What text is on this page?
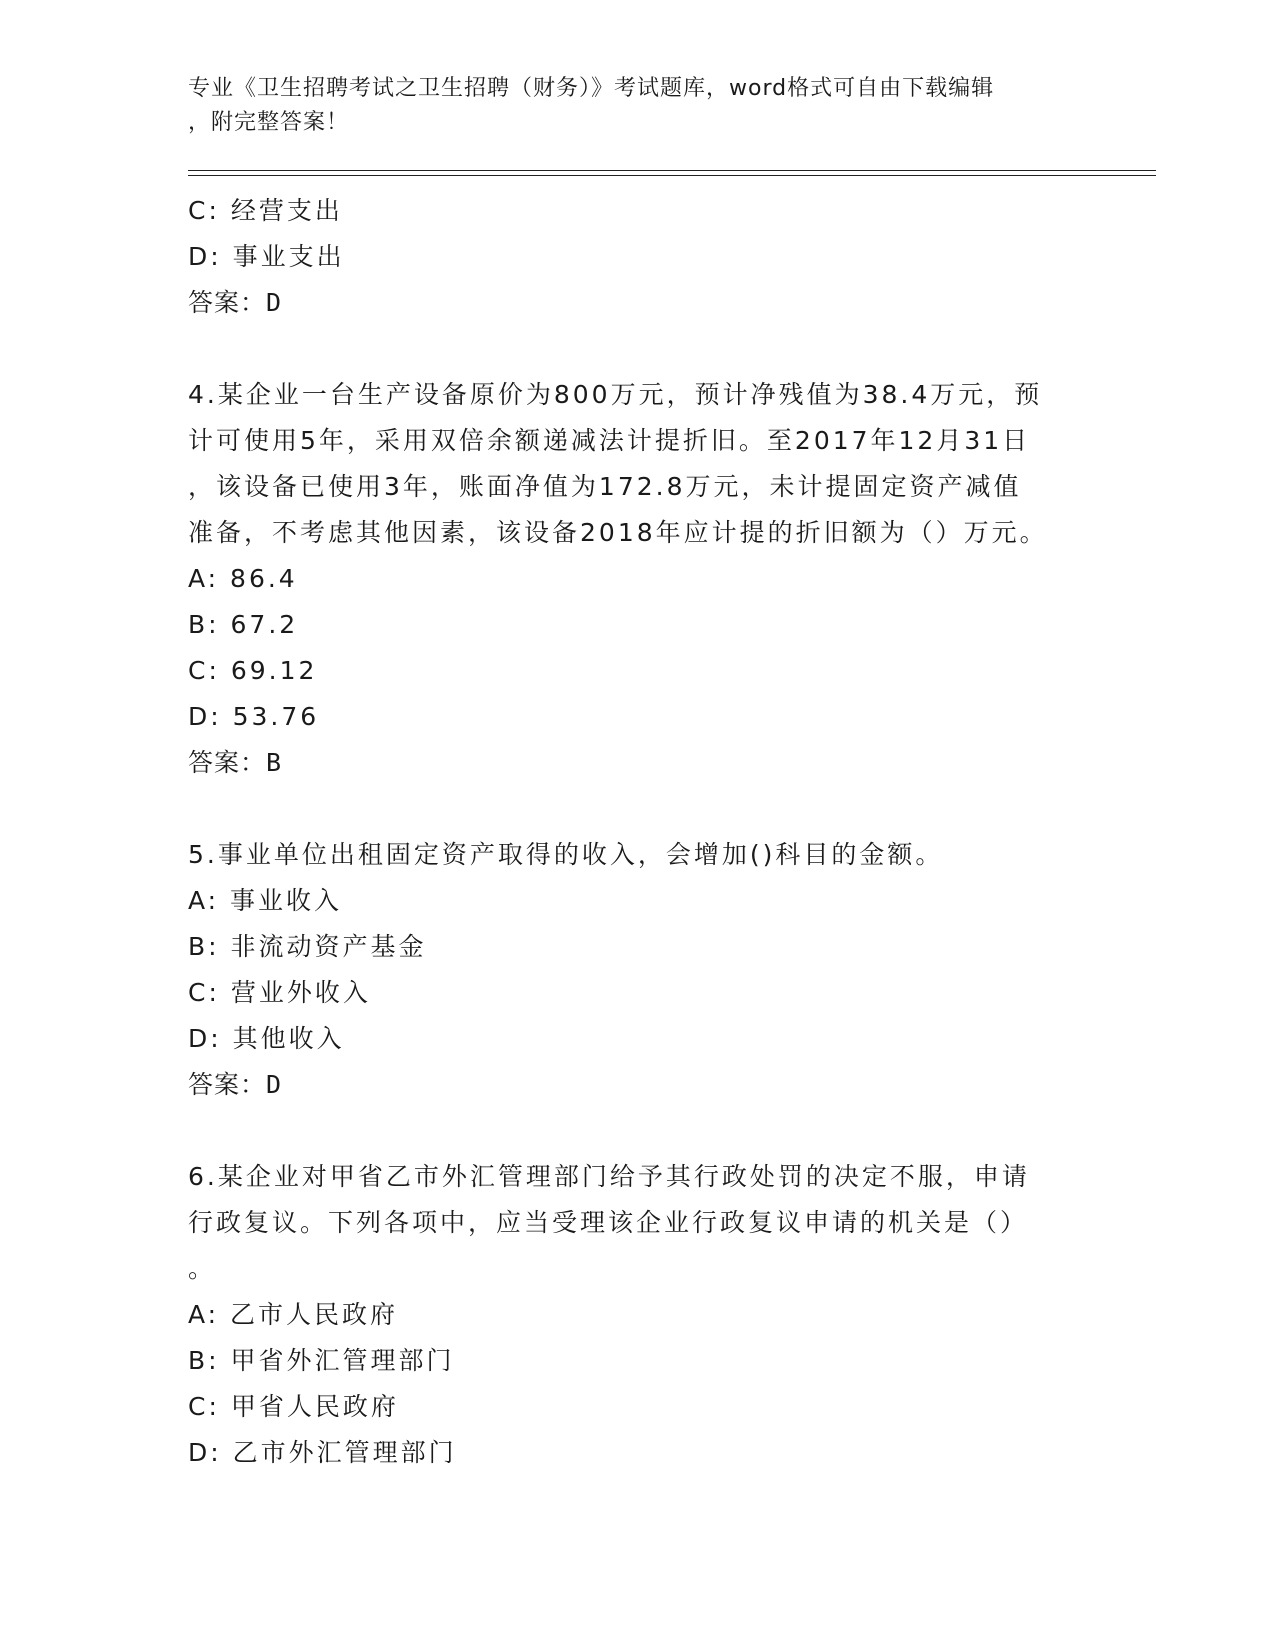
专业《卫生招聘考试之卫生招聘（财务）》考试题库，word格式可自由下载编辑
，附完整答案！
C: 经营支出
D: 事业支出
答案：D
4.某企业一台生产设备原价为800万元，预计净残值为38.4万元，预
计可使用5年，采用双倍余额递减法计提折旧。至2017年12月31日
，该设备已使用3年，账面净值为172.8万元，未计提固定资产减值
准备，不考虑其他因素，该设备2018年应计提的折旧额为（）万元。
A: 86.4
B: 67.2
C: 69.12
D: 53.76
答案：B
5.事业单位出租固定资产取得的收入，会增加()科目的金额。
A: 事业收入
B: 非流动资产基金
C: 营业外收入
D: 其他收入
答案：D
6.某企业对甲省乙市外汇管理部门给予其行政处罚的决定不服，申请
行政复议。下列各项中，应当受理该企业行政复议申请的机关是（）
。
A: 乙市人民政府
B: 甲省外汇管理部门
C: 甲省人民政府
D: 乙市外汇管理部门
